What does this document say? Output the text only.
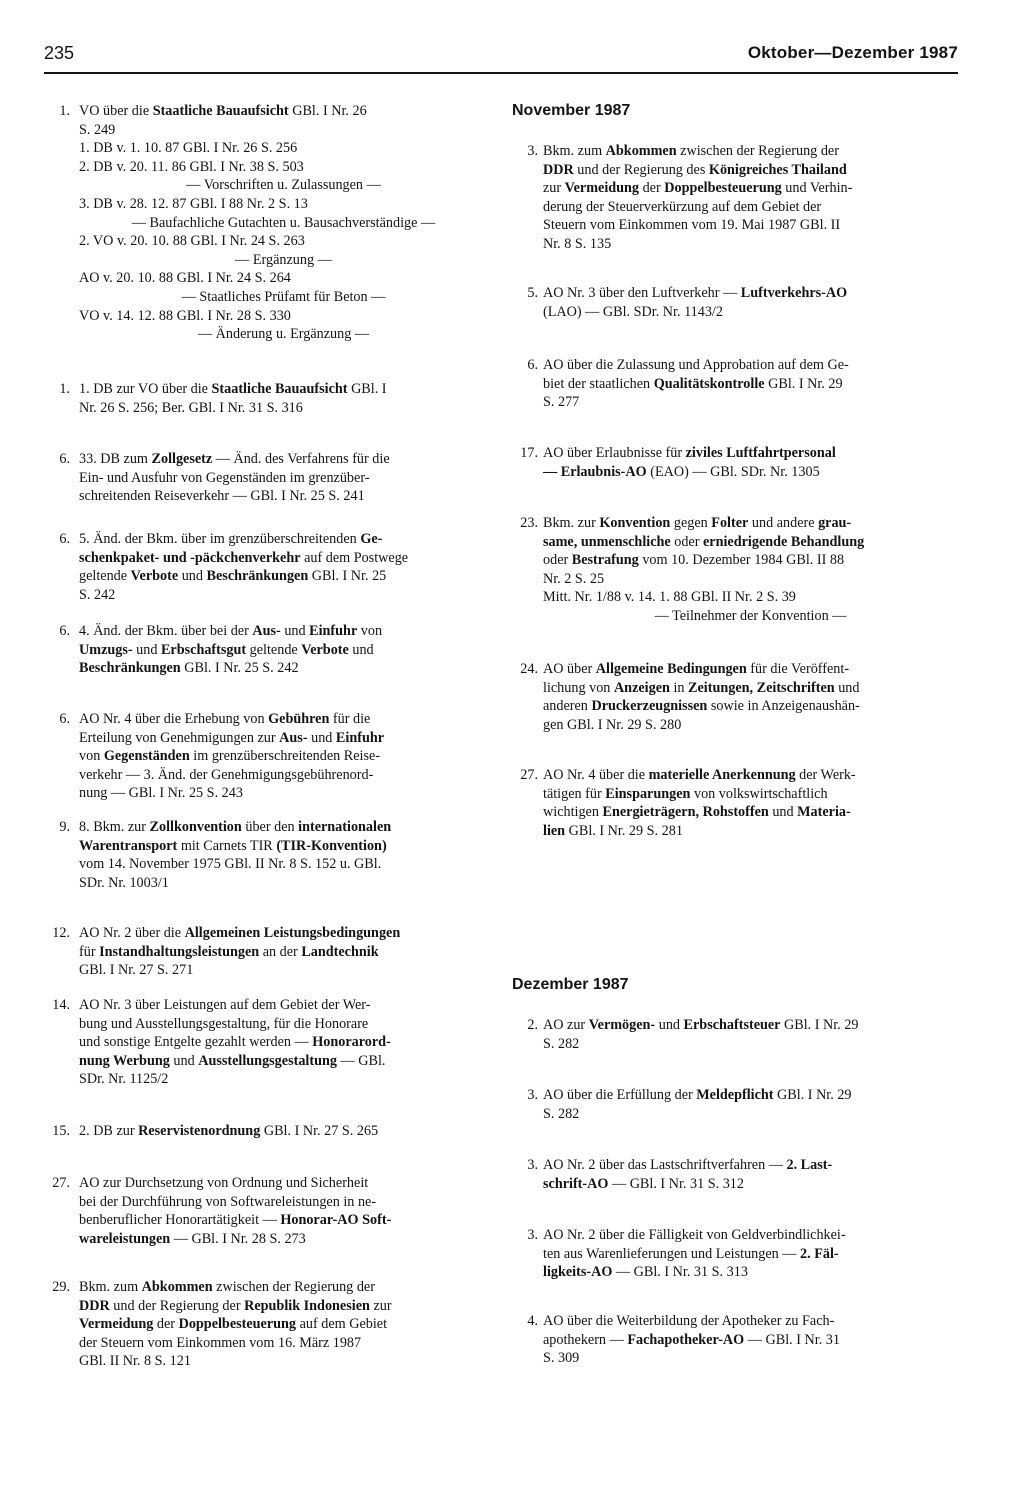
235	Oktober—Dezember 1987
1. VO über die Staatliche Bauaufsicht GBl. I Nr. 26
S. 249
1. DB v. 1. 10. 87 GBl. I Nr. 26 S. 256
2. DB v. 20. 11. 86 GBl. I Nr. 38 S. 503
— Vorschriften u. Zulassungen —
3. DB v. 28. 12. 87 GBl. I 88 Nr. 2 S. 13
— Baufachliche Gutachten u. Bausachverständige —
2. VO v. 20. 10. 88 GBl. I Nr. 24 S. 263
— Ergänzung —
AO v. 20. 10. 88 GBl. I Nr. 24 S. 264
— Staatliches Prüfamt für Beton —
VO v. 14. 12. 88 GBl. I Nr. 28 S. 330
— Änderung u. Ergänzung —
1. 1. DB zur VO über die Staatliche Bauaufsicht GBl. I
Nr. 26 S. 256; Ber. GBl. I Nr. 31 S. 316
6. 33. DB zum Zollgesetz — Änd. des Verfahrens für die
Ein- und Ausfuhr von Gegenständen im grenzüber-
schreitenden Reiseverkehr — GBl. I Nr. 25 S. 241
6. 5. Änd. der Bkm. über im grenzüberschreitenden Ge-
schenkpaket- und -päckchenverkehr auf dem Postwege
geltende Verbote und Beschränkungen GBl. I Nr. 25
S. 242
6. 4. Änd. der Bkm. über bei der Aus- und Einfuhr von
Umzugs- und Erbschaftsgut geltende Verbote und
Beschränkungen GBl. I Nr. 25 S. 242
6. AO Nr. 4 über die Erhebung von Gebühren für die
Erteilung von Genehmigungen zur Aus- und Einfuhr
von Gegenständen im grenzüberschreitenden Reise-
verkehr — 3. Änd. der Genehmigungsgebührenord-
nung — GBl. I Nr. 25 S. 243
9. 8. Bkm. zur Zollkonvention über den internationalen
Warentransport mit Carnets TIR (TIR-Konvention)
vom 14. November 1975 GBl. II Nr. 8 S. 152 u. GBl.
SDr. Nr. 1003/1
12. AO Nr. 2 über die Allgemeinen Leistungsbedingungen
für Instandhaltungsleistungen an der Landtechnik
GBl. I Nr. 27 S. 271
14. AO Nr. 3 über Leistungen auf dem Gebiet der Wer-
bung und Ausstellungsgestaltung, für die Honorare
und sonstige Entgelte gezahlt werden — Honorarord-
nung Werbung und Ausstellungsgestaltung — GBl.
SDr. Nr. 1125/2
15. 2. DB zur Reservistenordnung GBl. I Nr. 27 S. 265
27. AO zur Durchsetzung von Ordnung und Sicherheit
bei der Durchführung von Softwareleistungen in ne-
benberuflicher Honorartätigkeit — Honorar-AO Soft-
wareleistungen — GBl. I Nr. 28 S. 273
29. Bkm. zum Abkommen zwischen der Regierung der
DDR und der Regierung der Republik Indonesien zur
Vermeidung der Doppelbesteuerung auf dem Gebiet
der Steuern vom Einkommen vom 16. März 1987
GBl. II Nr. 8 S. 121
November 1987
3. Bkm. zum Abkommen zwischen der Regierung der
DDR und der Regierung des Königreiches Thailand
zur Vermeidung der Doppelbesteuerung und Verhin-
derung der Steuerverkürzung auf dem Gebiet der
Steuern vom Einkommen vom 19. Mai 1987 GBl. II
Nr. 8 S. 135
5. AO Nr. 3 über den Luftverkehr — Luftverkehrs-AO
(LAO) — GBl. SDr. Nr. 1143/2
6. AO über die Zulassung und Approbation auf dem Ge-
biet der staatlichen Qualitätskontrolle GBl. I Nr. 29
S. 277
17. AO über Erlaubnisse für ziviles Luftfahrtpersonal
— Erlaubnis-AO (EAO) — GBl. SDr. Nr. 1305
23. Bkm. zur Konvention gegen Folter und andere grau-
same, unmenschliche oder erniedrigende Behandlung
oder Bestrafung vom 10. Dezember 1984 GBl. II 88
Nr. 2 S. 25
Mitt. Nr. 1/88 v. 14. 1. 88 GBl. II Nr. 2 S. 39
— Teilnehmer der Konvention —
24. AO über Allgemeine Bedingungen für die Veröffent-
lichung von Anzeigen in Zeitungen, Zeitschriften und
anderen Druckerzeugnissen sowie in Anzeigenaushän-
gen GBl. I Nr. 29 S. 280
27. AO Nr. 4 über die materielle Anerkennung der Werk-
tätigen für Einsparungen von volkswirtschaftlich
wichtigen Energieträgern, Rohstoffen und Materia-
lien GBl. I Nr. 29 S. 281
Dezember 1987
2. AO zur Vermögen- und Erbschaftsteuer GBl. I Nr. 29
S. 282
3. AO über die Erfüllung der Meldepflicht GBl. I Nr. 29
S. 282
3. AO Nr. 2 über das Lastschriftverfahren — 2. Last-
schrift-AO — GBl. I Nr. 31 S. 312
3. AO Nr. 2 über die Fälligkeit von Geldverbindlichkei-
ten aus Warenlieferungen und Leistungen — 2. Fäl-
ligkeits-AO — GBl. I Nr. 31 S. 313
4. AO über die Weiterbildung der Apotheker zu Fach-
apothekern — Fachapotheker-AO — GBl. I Nr. 31
S. 309
